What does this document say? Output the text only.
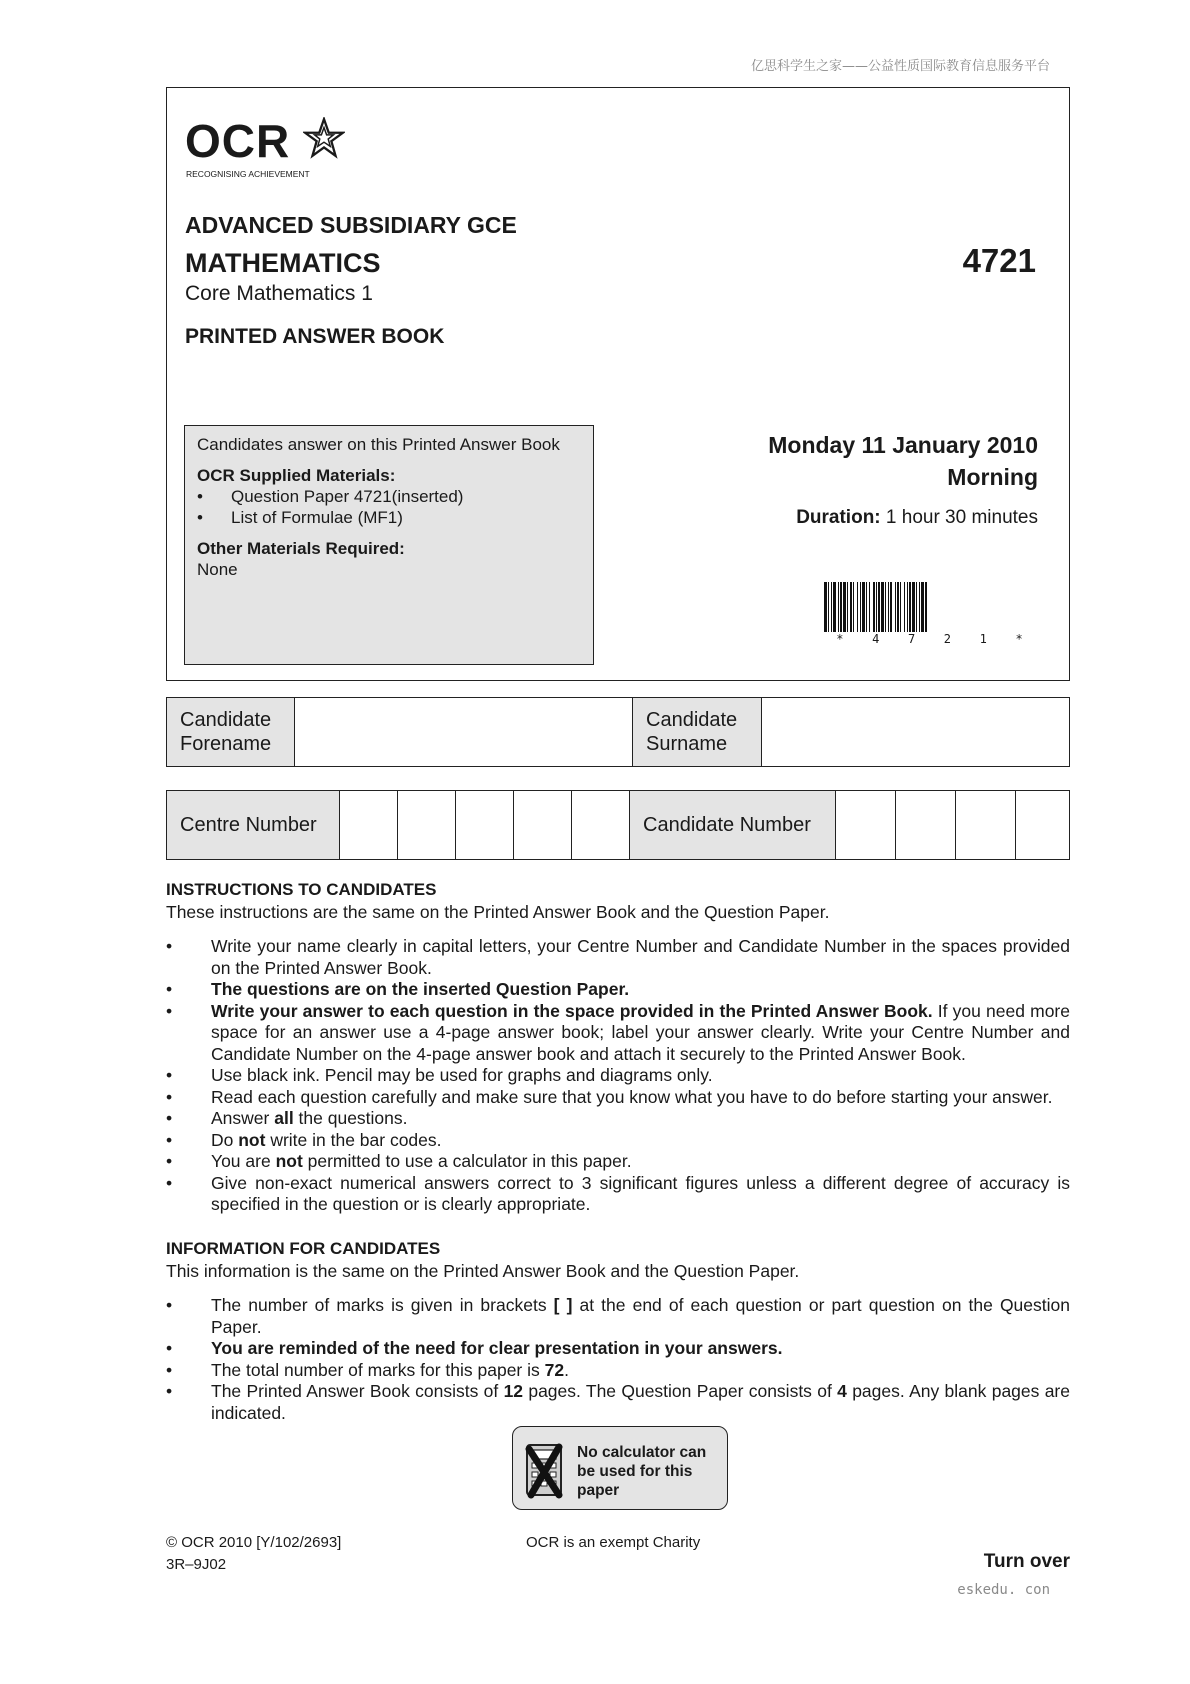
亿思科学生之家——公益性质国际教育信息服务平台
OCR
RECOGNISING ACHIEVEMENT
ADVANCED SUBSIDIARY GCE
MATHEMATICS
Core Mathematics 1
PRINTED ANSWER BOOK
4721
Candidates answer on this Printed Answer Book
OCR Supplied Materials:
• Question Paper 4721(inserted)
• List of Formulae (MF1)
Other Materials Required:
None
Monday 11 January 2010
Morning
Duration: 1 hour 30 minutes
* 4 7 2 1 *
Candidate
Forename
Candidate
Surname
Centre Number	Candidate Number
INSTRUCTIONS TO CANDIDATES
These instructions are the same on the Printed Answer Book and the Question Paper.
• Write your name clearly in capital letters, your Centre Number and Candidate Number in the spaces provided on the Printed Answer Book.
• The questions are on the inserted Question Paper.
• Write your answer to each question in the space provided in the Printed Answer Book. If you need more space for an answer use a 4-page answer book; label your answer clearly. Write your Centre Number and Candidate Number on the 4-page answer book and attach it securely to the Printed Answer Book.
• Use black ink. Pencil may be used for graphs and diagrams only.
• Read each question carefully and make sure that you know what you have to do before starting your answer.
• Answer all the questions.
• Do not write in the bar codes.
• You are not permitted to use a calculator in this paper.
• Give non-exact numerical answers correct to 3 significant figures unless a different degree of accuracy is specified in the question or is clearly appropriate.
INFORMATION FOR CANDIDATES
This information is the same on the Printed Answer Book and the Question Paper.
• The number of marks is given in brackets [ ] at the end of each question or part question on the Question Paper.
• You are reminded of the need for clear presentation in your answers.
• The total number of marks for this paper is 72.
• The Printed Answer Book consists of 12 pages. The Question Paper consists of 4 pages. Any blank pages are indicated.
No calculator can
be used for this
paper
© OCR 2010 [Y/102/2693]
3R–9J02
OCR is an exempt Charity
Turn over
eskedu. con
